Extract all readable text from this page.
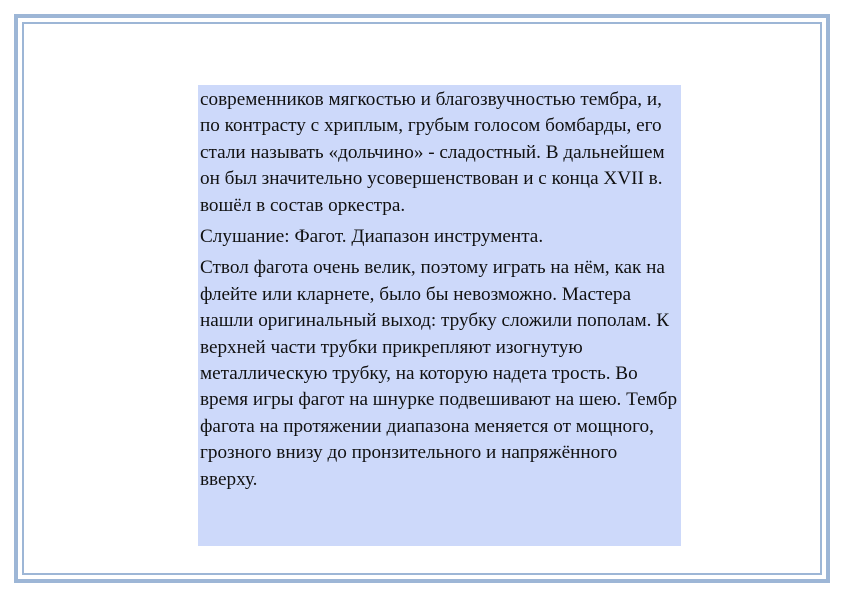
современников мягкостью и благозвучностью тембра, и, по контрасту с хриплым, грубым голосом бомбарды, его стали называть «дольчино» - сладостный. В дальнейшем он был значительно усовершенствован и с конца XVII в. вошёл в состав оркестра.

Слушание: Фагот. Диапазон инструмента.

Ствол фагота очень велик, поэтому играть на нём, как на флейте или кларнете, было бы невозможно. Мастера нашли оригинальный выход: трубку сложили пополам. К верхней части трубки прикрепляют изогнутую металлическую трубку, на которую надета трость. Во время игры фагот на шнурке подвешивают на шею. Тембр фагота на протяжении диапазона меняется от мощного, грозного внизу до пронзительного и напряжённого вверху.
